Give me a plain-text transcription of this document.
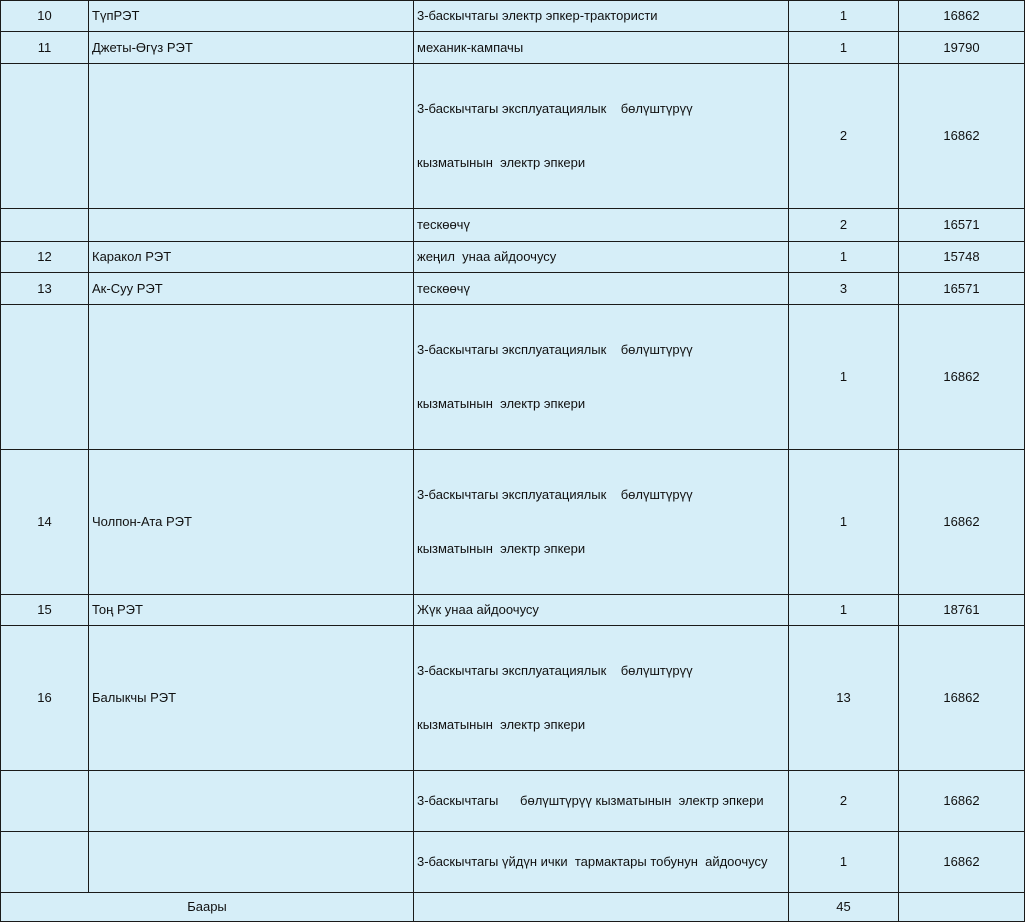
10	ТүпРЭТ	3-баскычтагы электр эпкер-трактористи	1	16862
11	Джеты-Өгүз РЭТ	механик-кампачы	1	19790

		3-баскычтагы эксплуатациялык    бөлүштүрүү

кызматынын  электр эпкери	2	16862
		тескөөчү	2	16571
12	Каракол РЭТ	жеңил  унаа айдоочусу	1	15748
13	Ак-Суу РЭТ	тескөөчү	3	16571

		3-баскычтагы эксплуатациялык    бөлүштүрүү

кызматынын  электр эпкери	1	16862
14	Чолпон-Ата РЭТ	3-баскычтагы эксплуатациялык    бөлүштүрүү

кызматынын  электр эпкери	1	16862
15	Тоң РЭТ	Жүк унаа айдоочусу	1	18761
16	Балыкчы РЭТ	3-баскычтагы эксплуатациялык    бөлүштүрүү

кызматынын  электр эпкери	13	16862
		3-баскычтагы      бөлүштүрүү кызматынын  электр эпкери	2	16862
		3-баскычтагы үйдүн ички  тармактары тобунун  айдоочусу	1	16862
Баары			45	
